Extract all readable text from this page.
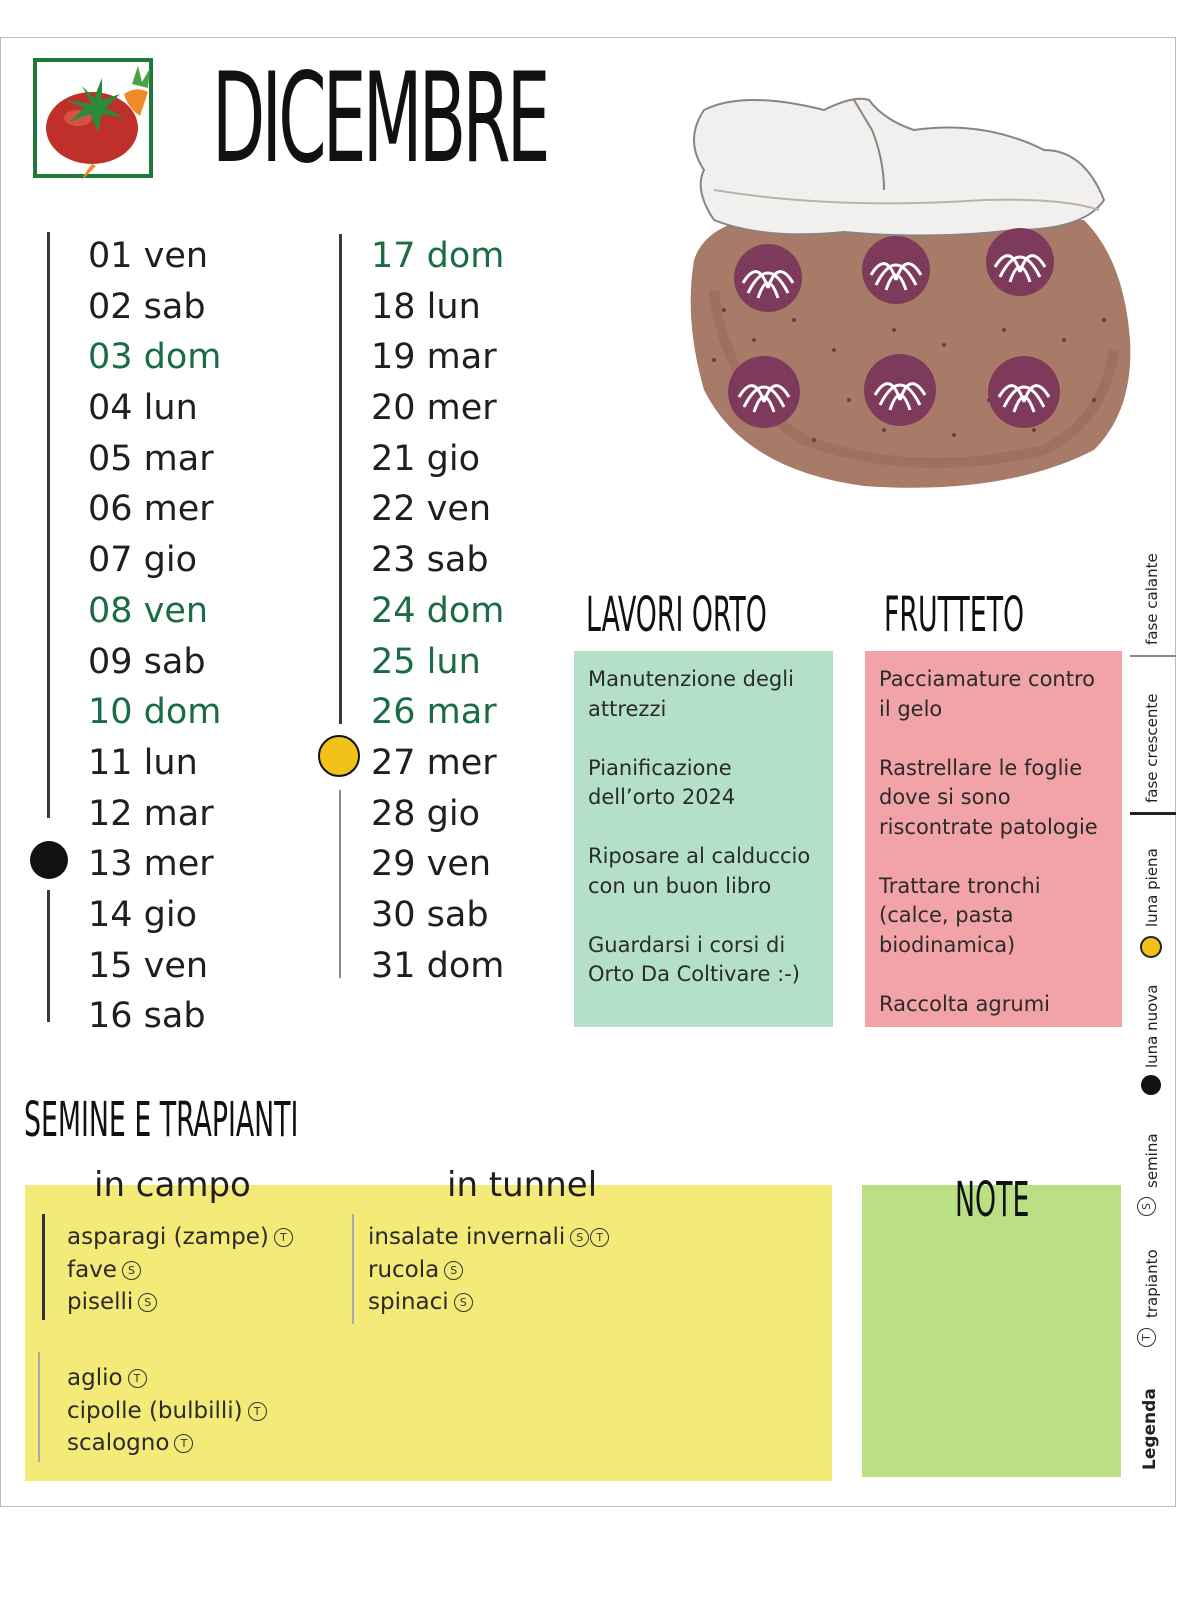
DICEMBRE
01 ven
02 sab
03 dom
04 lun
05 mar
06 mer
07 gio
08 ven
09 sab
10 dom
11 lun
12 mar
13 mer
14 gio
15 ven
16 sab
17 dom
18 lun
19 mar
20 mer
21 gio
22 ven
23 sab
24 dom
25 lun
26 mar
27 mer
28 gio
29 ven
30 sab
31 dom
LAVORI ORTO

Manutenzione degli attrezzi

Pianificazione dell’orto 2024

Riposare al calduccio con un buon libro

Guardarsi i corsi di Orto Da Coltivare :-)

FRUTTETO

Pacciamature contro il gelo

Rastrellare le foglie dove si sono riscontrate patologie

Trattare tronchi (calce, pasta biodinamica)

Raccolta agrumi

SEMINE E TRAPIANTI
in campo	in tunnel
asparagi (zampe) T
fave S
piselli S
aglio T
cipolle (bulbilli) T
scalogno T
insalate invernali S T
rucola S
spinaci S
NOTE
fase calante
fase crescente
luna piena
luna nuova
semina
S
trapianto
T
Legenda
